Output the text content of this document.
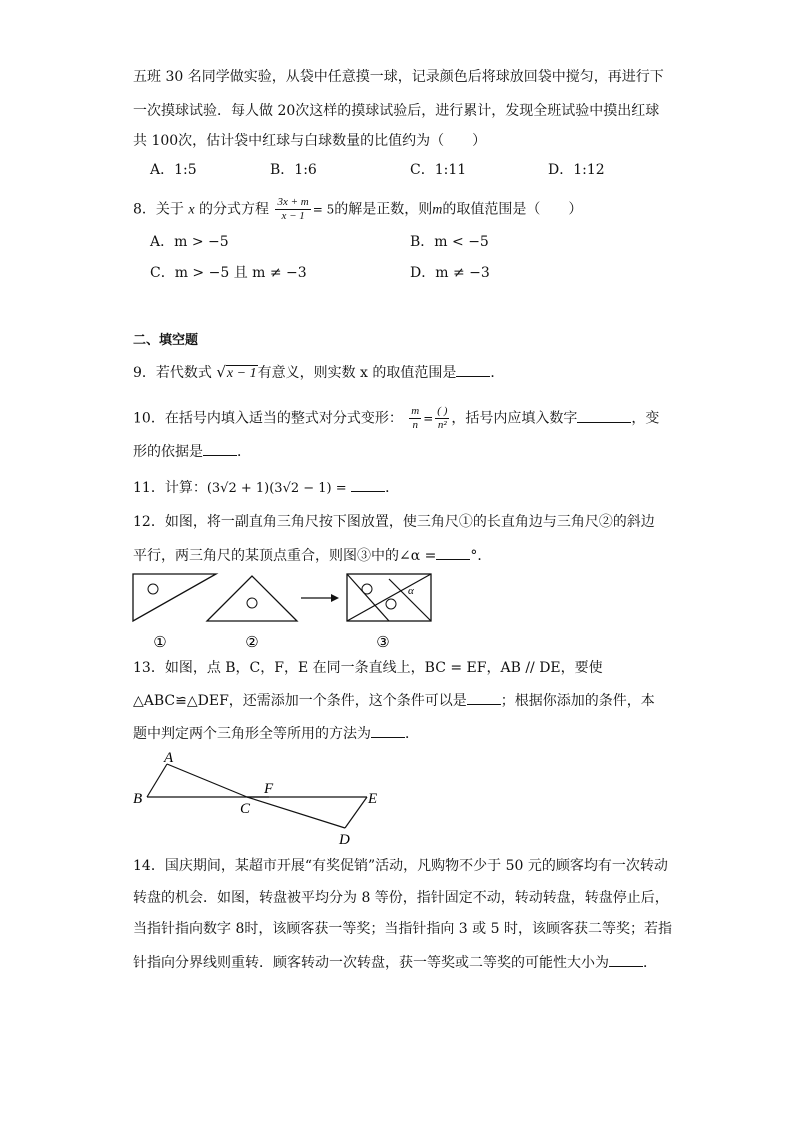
五班 30 名同学做实验，从袋中任意摸一球，记录颜色后将球放回袋中搅匀，再进行下
一次摸球试验．每人做 20次这样的摸球试验后，进行累计，发现全班试验中摸出红球
共 100次，估计袋中红球与白球数量的比值约为（　　）
A．1:5	B．1:6	C．1:11	D．1:12
8．关于 x 的分式方程 $\frac{3x + m}{x - 1} = 5$的解是正数，则m的取值范围是（　　）
A．m > −5	B．m < −5
C．m > −5 且 m ≠ −3	D．m ≠ −3
二、填空题
9．若代数式 √x − 1有意义，则实数 x 的取值范围是 ．
10．在括号内填入适当的整式对分式变形： $\frac{m}{n} = \frac{( )}{\text{n²}}$ ，括号内应填入数字	，变
形的依据是 ．
11．计算：(3√2 + 1)(3√2 − 1) =	．
12．如图，将一副直角三角尺按下图放置，使三角尺①的长直角边与三角尺②的斜边
平行，两三角尺的某顶点重合，则图③中的∠α = °．
α
①	②	③
13．如图，点 B，C，F，E 在同一条直线上，BC = EF，AB // DE，要使
△ABC≌△DEF，还需添加一个条件，这个条件可以是 ；根据你添加的条件，本
题中判定两个三角形全等所用的方法为 ．
A
B
C
F
E
D
14．国庆期间，某超市开展“有奖促销”活动，凡购物不少于 50 元的顾客均有一次转动
转盘的机会．如图，转盘被平均分为 8 等份，指针固定不动，转动转盘，转盘停止后，
当指针指向数字 8时，该顾客获一等奖；当指针指向 3 或 5 时，该顾客获二等奖；若指
针指向分界线则重转．顾客转动一次转盘，获一等奖或二等奖的可能性大小为 ．
